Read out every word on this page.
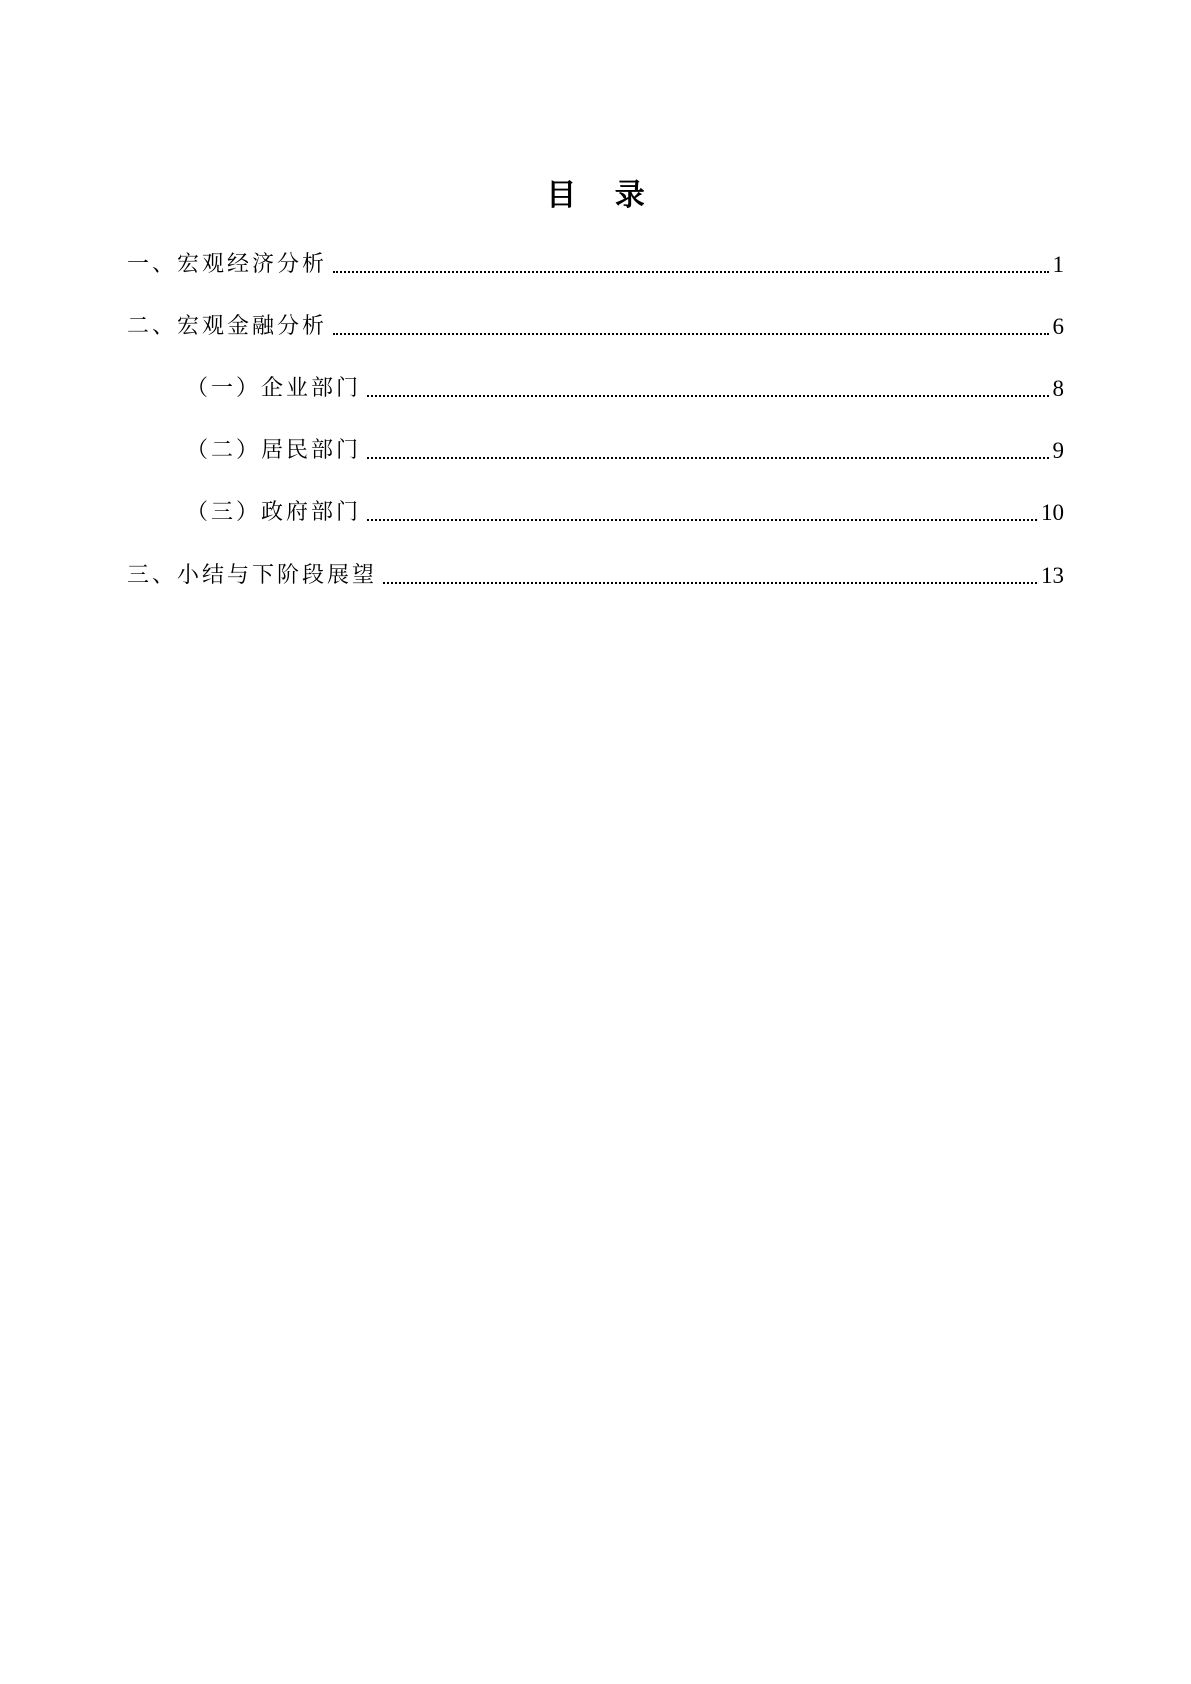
目 录
一、宏观经济分析	1
二、宏观金融分析	6
（一）企业部门	8
（二）居民部门	9
（三）政府部门	10
三、小结与下阶段展望	13
